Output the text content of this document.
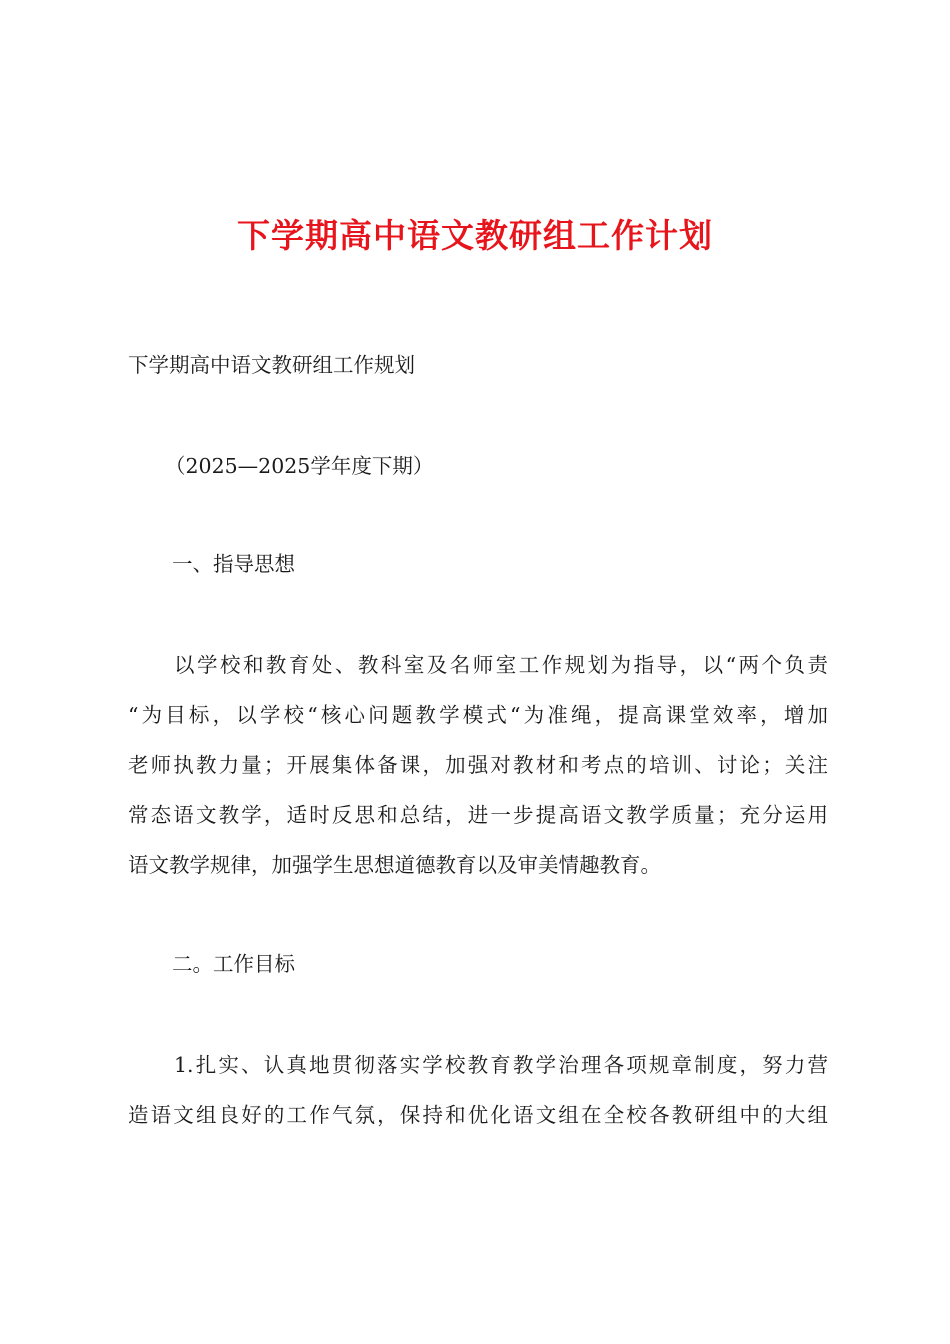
下学期高中语文教研组工作计划
下学期高中语文教研组工作规划
（2025—2025学年度下期）
一、指导思想
以学校和教育处、教科室及名师室工作规划为指导，以“两个负责
“为目标，以学校“核心问题教学模式“为准绳，提高课堂效率，增加
老师执教力量；开展集体备课，加强对教材和考点的培训、讨论；关注
常态语文教学，适时反思和总结，进一步提高语文教学质量；充分运用
语文教学规律，加强学生思想道德教育以及审美情趣教育。
二。工作目标
1.扎实、认真地贯彻落实学校教育教学治理各项规章制度，努力营
造语文组良好的工作气氛，保持和优化语文组在全校各教研组中的大组
